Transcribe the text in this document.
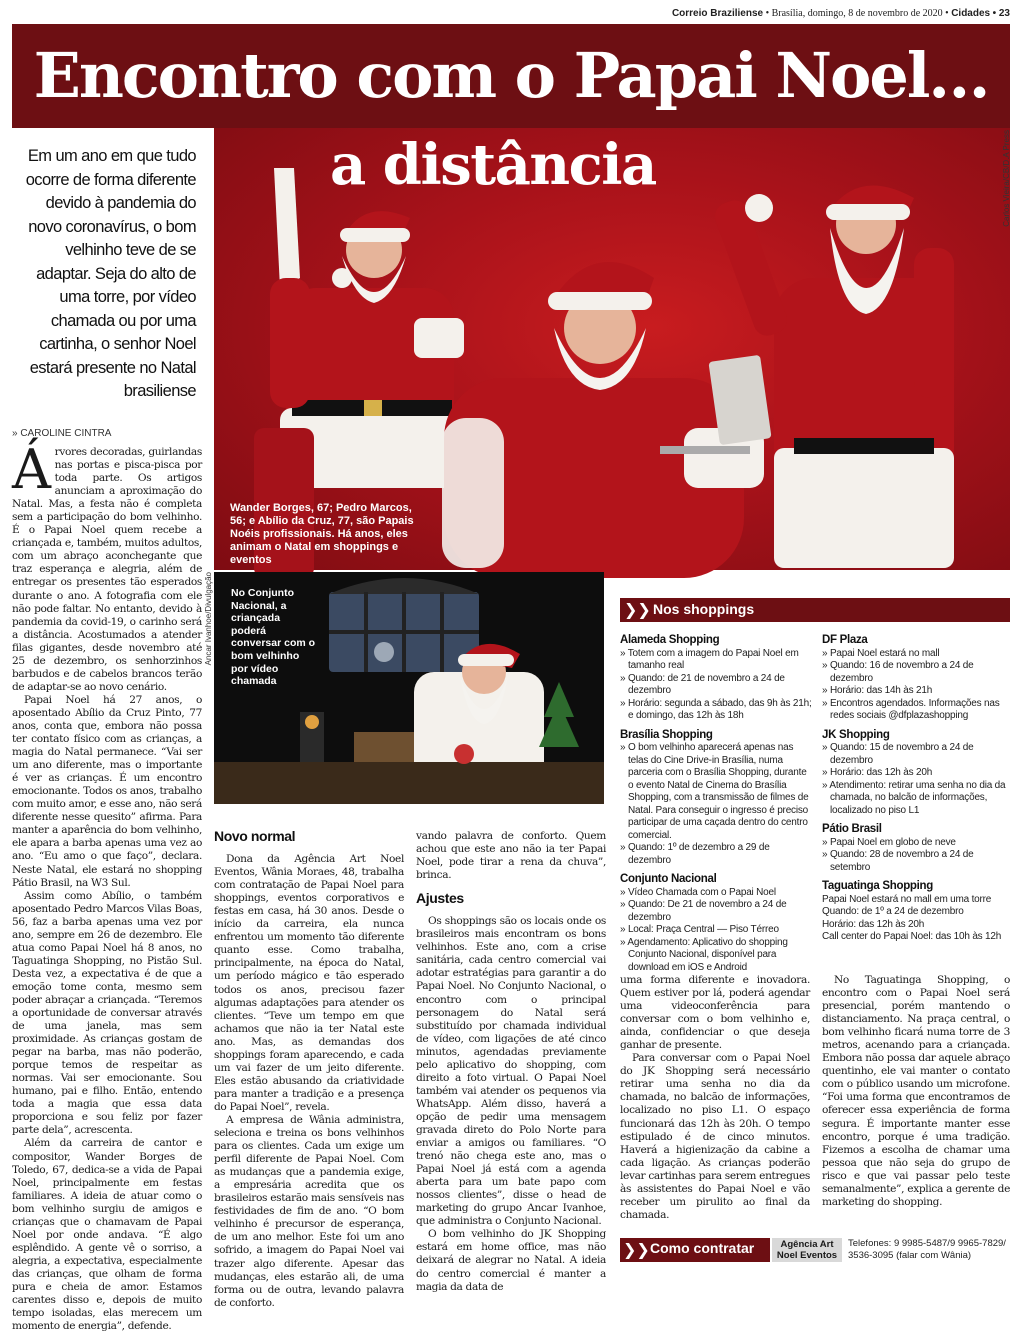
Correio Braziliense • Brasília, domingo, 8 de novembro de 2020 • Cidades • 23
Encontro com o Papai Noel…
a distância	Carlos Vieira/CB/D.A Press
Wander Borges, 67; Pedro Marcos, 56; e Abílio da Cruz, 77, são Papais Noéis profissionais. Há anos, eles animam o Natal em shoppings e eventos
Em um ano em que tudo ocorre de forma diferente devido à pandemia do novo coronavírus, o bom velhinho teve de se adaptar. Seja do alto de uma torre, por vídeo chamada ou por uma cartinha, o senhor Noel estará presente no Natal brasiliense
» CAROLINE CINTRA
Á rvores decoradas, guirlandas nas portas e pisca-pisca por toda parte. Os artigos anunciam a aproximação do Natal. Mas, a festa não é completa sem a participação do bom velhinho. É o Papai Noel quem recebe a criançada e, também, muitos adultos, com um abraço aconchegante que traz esperança e alegria, além de entregar os presentes tão esperados durante o ano. A fotografia com ele não pode faltar. No entanto, devido à pandemia da covid-19, o carinho será a distância. Acostumados a atender filas gigantes, desde novembro até 25 de dezembro, os senhorzinhos barbudos e de cabelos brancos terão de adaptar-se ao novo cenário.

Papai Noel há 27 anos, o aposentado Abílio da Cruz Pinto, 77 anos, conta que, embora não possa ter contato físico com as crianças, a magia do Natal permanece. “Vai ser um ano diferente, mas o importante é ver as crianças. É um encontro emocionante. Todos os anos, trabalho com muito amor, e esse ano, não será diferente nesse quesito” afirma. Para manter a aparência do bom velhinho, ele apara a barba apenas uma vez ao ano. “Eu amo o que faço”, declara. Neste Natal, ele estará no shopping Pátio Brasil, na W3 Sul.

Assim como Abílio, o também aposentado Pedro Marcos Vilas Boas, 56, faz a barba apenas uma vez por ano, sempre em 26 de dezembro. Ele atua como Papai Noel há 8 anos, no Taguatinga Shopping, no Pistão Sul. Desta vez, a expectativa é de que a emoção tome conta, mesmo sem poder abraçar a criançada. “Teremos a oportunidade de conversar através de uma janela, mas sem proximidade. As crianças gostam de pegar na barba, mas não poderão, porque temos de respeitar as normas. Vai ser emocionante. Sou humano, pai e filho. Então, entendo toda a magia que essa data proporciona e sou feliz por fazer parte dela”, acrescenta.

Além da carreira de cantor e compositor, Wander Borges de Toledo, 67, dedica-se a vida de Papai Noel, principalmente em festas familiares. A ideia de atuar como o bom velhinho surgiu de amigos e crianças que o chamavam de Papai Noel por onde andava. “É algo esplêndido. A gente vê o sorriso, a alegria, a expectativa, especialmente das crianças, que olham de forma pura e cheia de amor. Estamos carentes disso e, depois de muito tempo isoladas, elas merecem um momento de energia”, defende.

Ancar Ivanhoe/Divulgação No Conjunto Nacional, a criançada poderá conversar com o bom velhinho por vídeo chamada
Novo normal

Dona da Agência Art Noel Eventos, Wânia Moraes, 48, trabalha com contratação de Papai Noel para shoppings, eventos corporativos e festas em casa, há 30 anos. Desde o início da carreira, ela nunca enfrentou um momento tão diferente quanto esse. Como trabalha, principalmente, na época do Natal, um período mágico e tão esperado todos os anos, precisou fazer algumas adaptações para atender os clientes. “Teve um tempo em que achamos que não ia ter Natal este ano. Mas, as demandas dos shoppings foram aparecendo, e cada um vai fazer de um jeito diferente. Eles estão abusando da criatividade para manter a tradição e a presença do Papai Noel”, revela.

A empresa de Wânia administra, seleciona e treina os bons velhinhos para os clientes. Cada um exige um perfil diferente de Papai Noel. Com as mudanças que a pandemia exige, a empresária acredita que os brasileiros estarão mais sensíveis nas festividades de fim de ano. “O bom velhinho é precursor de esperança, de um ano melhor. Este foi um ano sofrido, a imagem do Papai Noel vai trazer algo diferente. Apesar das mudanças, eles estarão ali, de uma forma ou de outra, levando palavra de conforto.

vando palavra de conforto. Quem achou que este ano não ia ter Papai Noel, pode tirar a rena da chuva”, brinca.

Ajustes

Os shoppings são os locais onde os brasileiros mais encontram os bons velhinhos. Este ano, com a crise sanitária, cada centro comercial vai adotar estratégias para garantir a do Papai Noel. No Conjunto Nacional, o encontro com o principal personagem do Natal será substituído por chamada individual de vídeo, com ligações de até cinco minutos, agendadas previamente pelo aplicativo do shopping, com direito a foto virtual. O Papai Noel também vai atender os pequenos via WhatsApp. Além disso, haverá a opção de pedir uma mensagem gravada direto do Polo Norte para enviar a amigos ou familiares. “O trenó não chega este ano, mas o Papai Noel já está com a agenda aberta para um bate papo com nossos clientes”, disse o head de marketing do grupo Ancar Ivanhoe, que administra o Conjunto Nacional.

O bom velhinho do JK Shopping estará em home office, mas não deixará de alegrar no Natal. A ideia do centro comercial é manter a magia da data de

❯❯ Nos shoppings
Alameda Shopping
» Totem com a imagem do Papai Noel em tamanho real
» Quando: de 21 de novembro a 24 de dezembro
» Horário: segunda a sábado, das 9h às 21h; e domingo, das 12h às 18h
Brasília Shopping
» O bom velhinho aparecerá apenas nas telas do Cine Drive-in Brasília, numa parceria com o Brasília Shopping, durante o evento Natal de Cinema do Brasília Shopping, com a transmissão de filmes de Natal. Para conseguir o ingresso é preciso participar de uma caçada dentro do centro comercial.
» Quando: 1º de dezembro a 29 de dezembro
Conjunto Nacional
» Vídeo Chamada com o Papai Noel
» Quando: De 21 de novembro a 24 de dezembro
» Local: Praça Central — Piso Térreo
» Agendamento: Aplicativo do shopping Conjunto Nacional, disponível para download em iOS e Android
DF Plaza
» Papai Noel estará no mall
» Quando: 16 de novembro a 24 de dezembro
» Horário: das 14h às 21h
» Encontros agendados. Informações nas redes sociais @dfplazashopping
JK Shopping
» Quando: 15 de novembro a 24 de dezembro
» Horário: das 12h às 20h
» Atendimento: retirar uma senha no dia da chamada, no balcão de informações, localizado no piso L1
Pátio Brasil
» Papai Noel em globo de neve
» Quando: 28 de novembro a 24 de setembro
Taguatinga Shopping
Papai Noel estará no mall em uma torre
Quando: de 1º a 24 de dezembro
Horário: das 12h às 20h
Call center do Papai Noel: das 10h às 12h

uma forma diferente e inovadora. Quem estiver por lá, poderá agendar uma videoconferência para conversar com o bom velhinho e, ainda, confidenciar o que deseja ganhar de presente.

Para conversar com o Papai Noel do JK Shopping será necessário retirar uma senha no dia da chamada, no balcão de informações, localizado no piso L1. O espaço funcionará das 12h às 20h. O tempo estipulado é de cinco minutos. Haverá a higienização da cabine a cada ligação. As crianças poderão levar cartinhas para serem entregues às assistentes do Papai Noel e vão receber um pirulito ao final da chamada.

No Taguatinga Shopping, o encontro com o Papai Noel será presencial, porém mantendo o distanciamento. Na praça central, o bom velhinho ficará numa torre de 3 metros, acenando para a criançada. Embora não possa dar aquele abraço quentinho, ele vai manter o contato com o público usando um microfone. “Foi uma forma que encontramos de oferecer essa experiência de forma segura. É importante manter esse encontro, porque é uma tradição. Fizemos a escolha de chamar uma pessoa que não seja do grupo de risco e que vai passar pelo teste semanalmente”, explica a gerente de marketing do shopping.

❯❯ Como contratar	Agência Art Noel Eventos
Telefones: 9 9985-5487/9 9965-7829/ 3536-3095 (falar com Wânia)
